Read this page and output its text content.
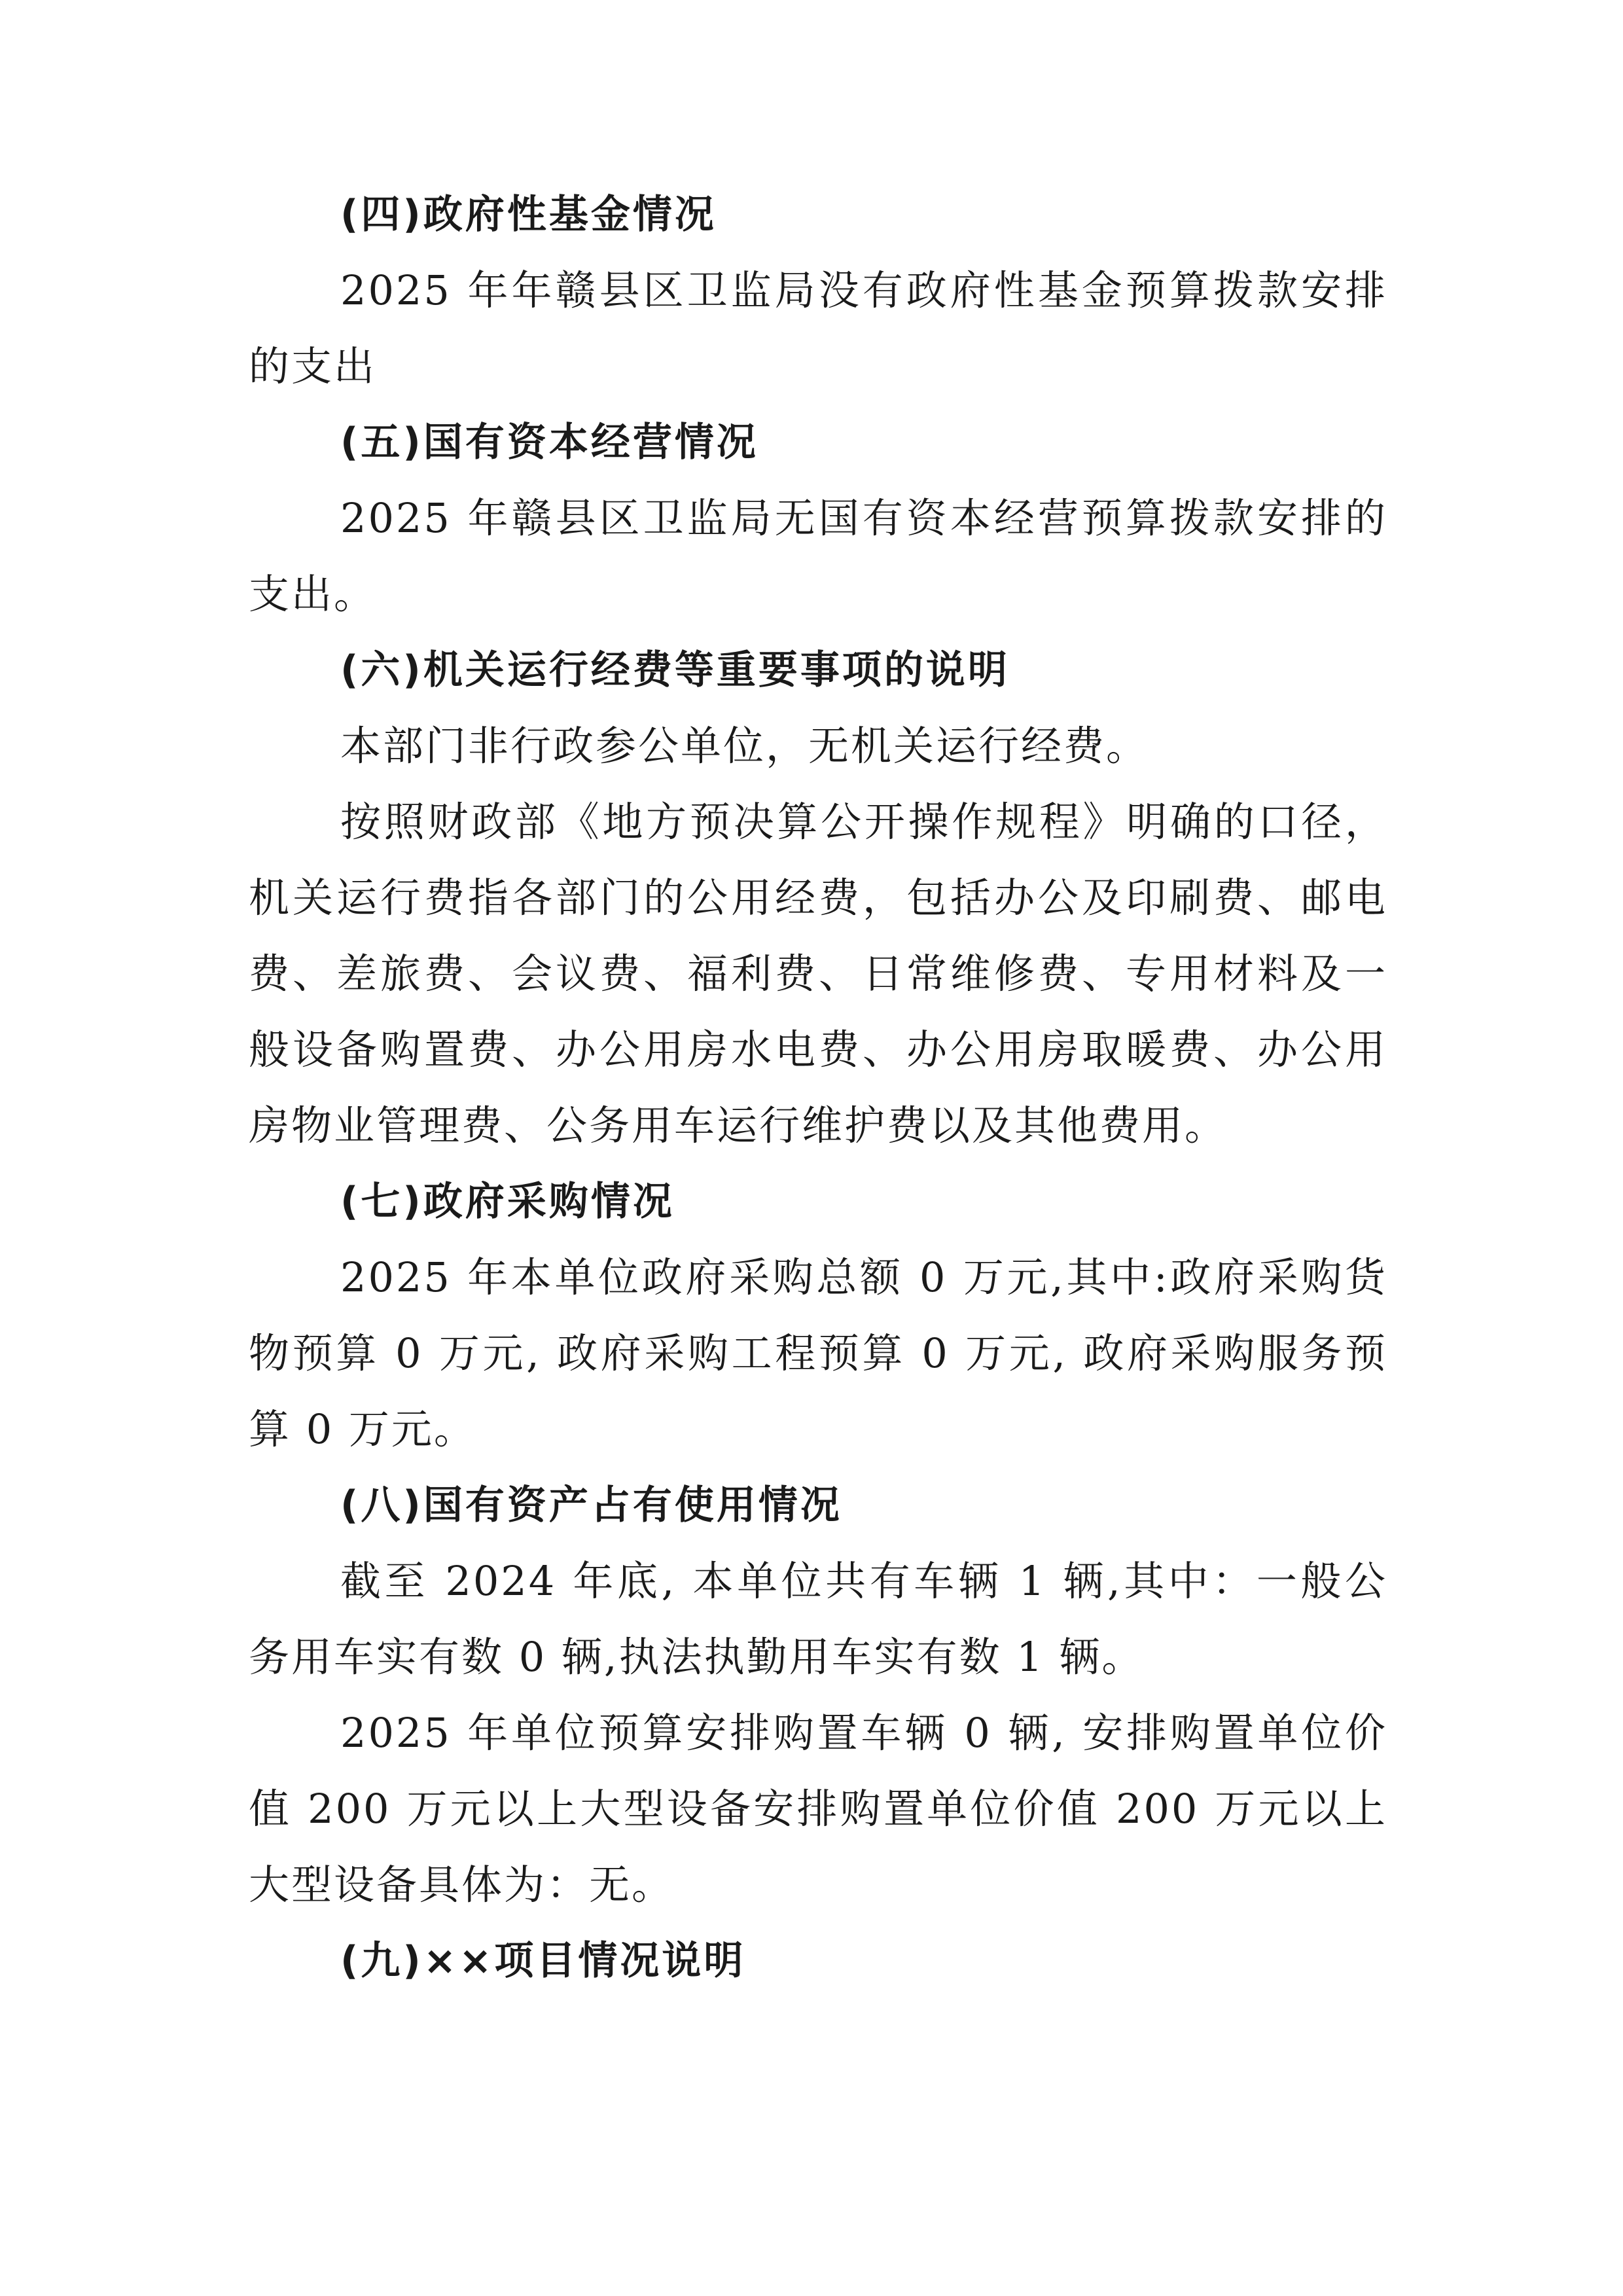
(四)政府性基金情况

2025 年年赣县区卫监局没有政府性基金预算拨款安排的支出

(五)国有资本经营情况

2025 年赣县区卫监局无国有资本经营预算拨款安排的支出。

(六)机关运行经费等重要事项的说明

本部门非行政参公单位，无机关运行经费。

按照财政部《地方预决算公开操作规程》明确的口径，机关运行费指各部门的公用经费，包括办公及印刷费、邮电费、差旅费、会议费、福利费、日常维修费、专用材料及一般设备购置费、办公用房水电费、办公用房取暖费、办公用房物业管理费、公务用车运行维护费以及其他费用。

(七)政府采购情况

2025 年本单位政府采购总额 0 万元,其中:政府采购货物预算 0 万元, 政府采购工程预算 0 万元, 政府采购服务预算 0 万元。

(八)国有资产占有使用情况

截至 2024 年底, 本单位共有车辆 1 辆,其中：一般公务用车实有数 0 辆,执法执勤用车实有数 1 辆。

2025 年单位预算安排购置车辆 0 辆, 安排购置单位价值 200 万元以上大型设备安排购置单位价值 200 万元以上大型设备具体为：无。

(九)××项目情况说明
